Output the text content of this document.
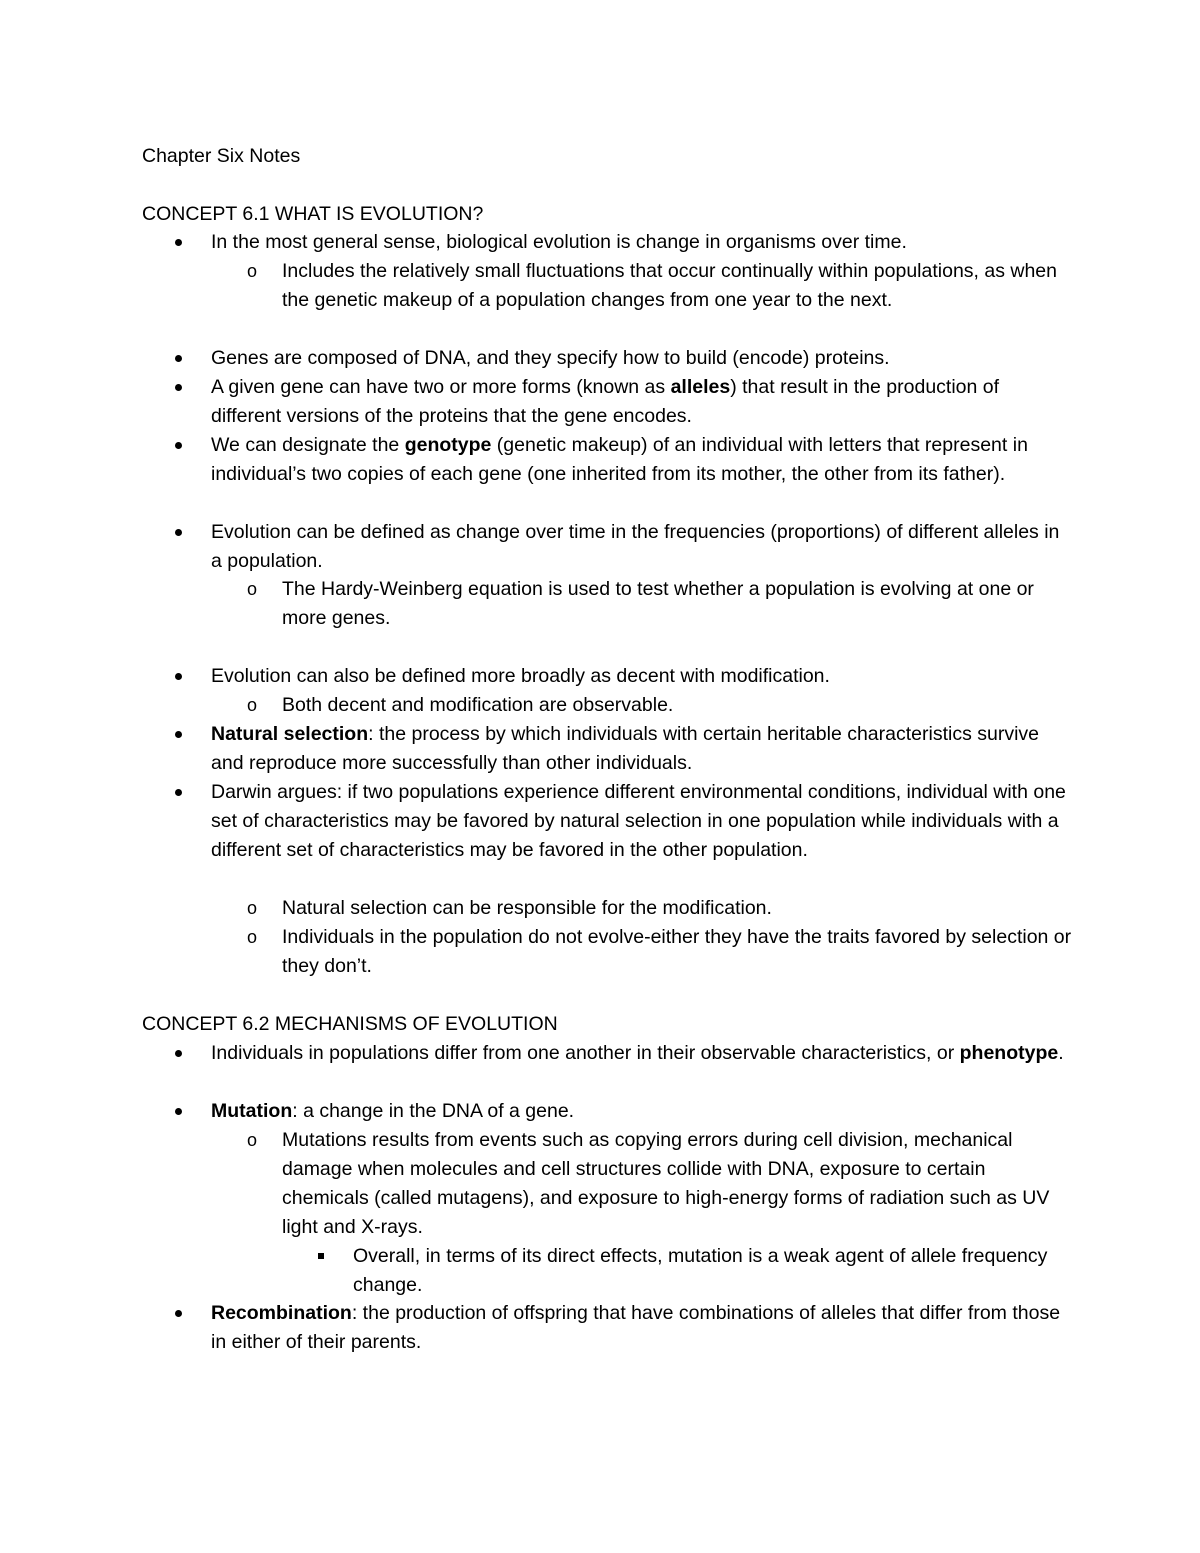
Chapter Six Notes
CONCEPT 6.1 WHAT IS EVOLUTION?
In the most general sense, biological evolution is change in organisms over time.
o Includes the relatively small fluctuations that occur continually within populations, as when the genetic makeup of a population changes from one year to the next.
Genes are composed of DNA, and they specify how to build (encode) proteins.
A given gene can have two or more forms (known as alleles) that result in the production of different versions of the proteins that the gene encodes.
We can designate the genotype (genetic makeup) of an individual with letters that represent in individual’s two copies of each gene (one inherited from its mother, the other from its father).
Evolution can be defined as change over time in the frequencies (proportions) of different alleles in a population.
o The Hardy-Weinberg equation is used to test whether a population is evolving at one or more genes.
Evolution can also be defined more broadly as decent with modification.
o Both decent and modification are observable.
Natural selection: the process by which individuals with certain heritable characteristics survive and reproduce more successfully than other individuals.
Darwin argues: if two populations experience different environmental conditions, individual with one set of characteristics may be favored by natural selection in one population while individuals with a different set of characteristics may be favored in the other population.
o Natural selection can be responsible for the modification.
o Individuals in the population do not evolve-either they have the traits favored by selection or they don’t.
CONCEPT 6.2 MECHANISMS OF EVOLUTION
Individuals in populations differ from one another in their observable characteristics, or phenotype.
Mutation: a change in the DNA of a gene.
o Mutations results from events such as copying errors during cell division, mechanical damage when molecules and cell structures collide with DNA, exposure to certain chemicals (called mutagens), and exposure to high-energy forms of radiation such as UV light and X-rays.
Overall, in terms of its direct effects, mutation is a weak agent of allele frequency change.
Recombination: the production of offspring that have combinations of alleles that differ from those in either of their parents.
